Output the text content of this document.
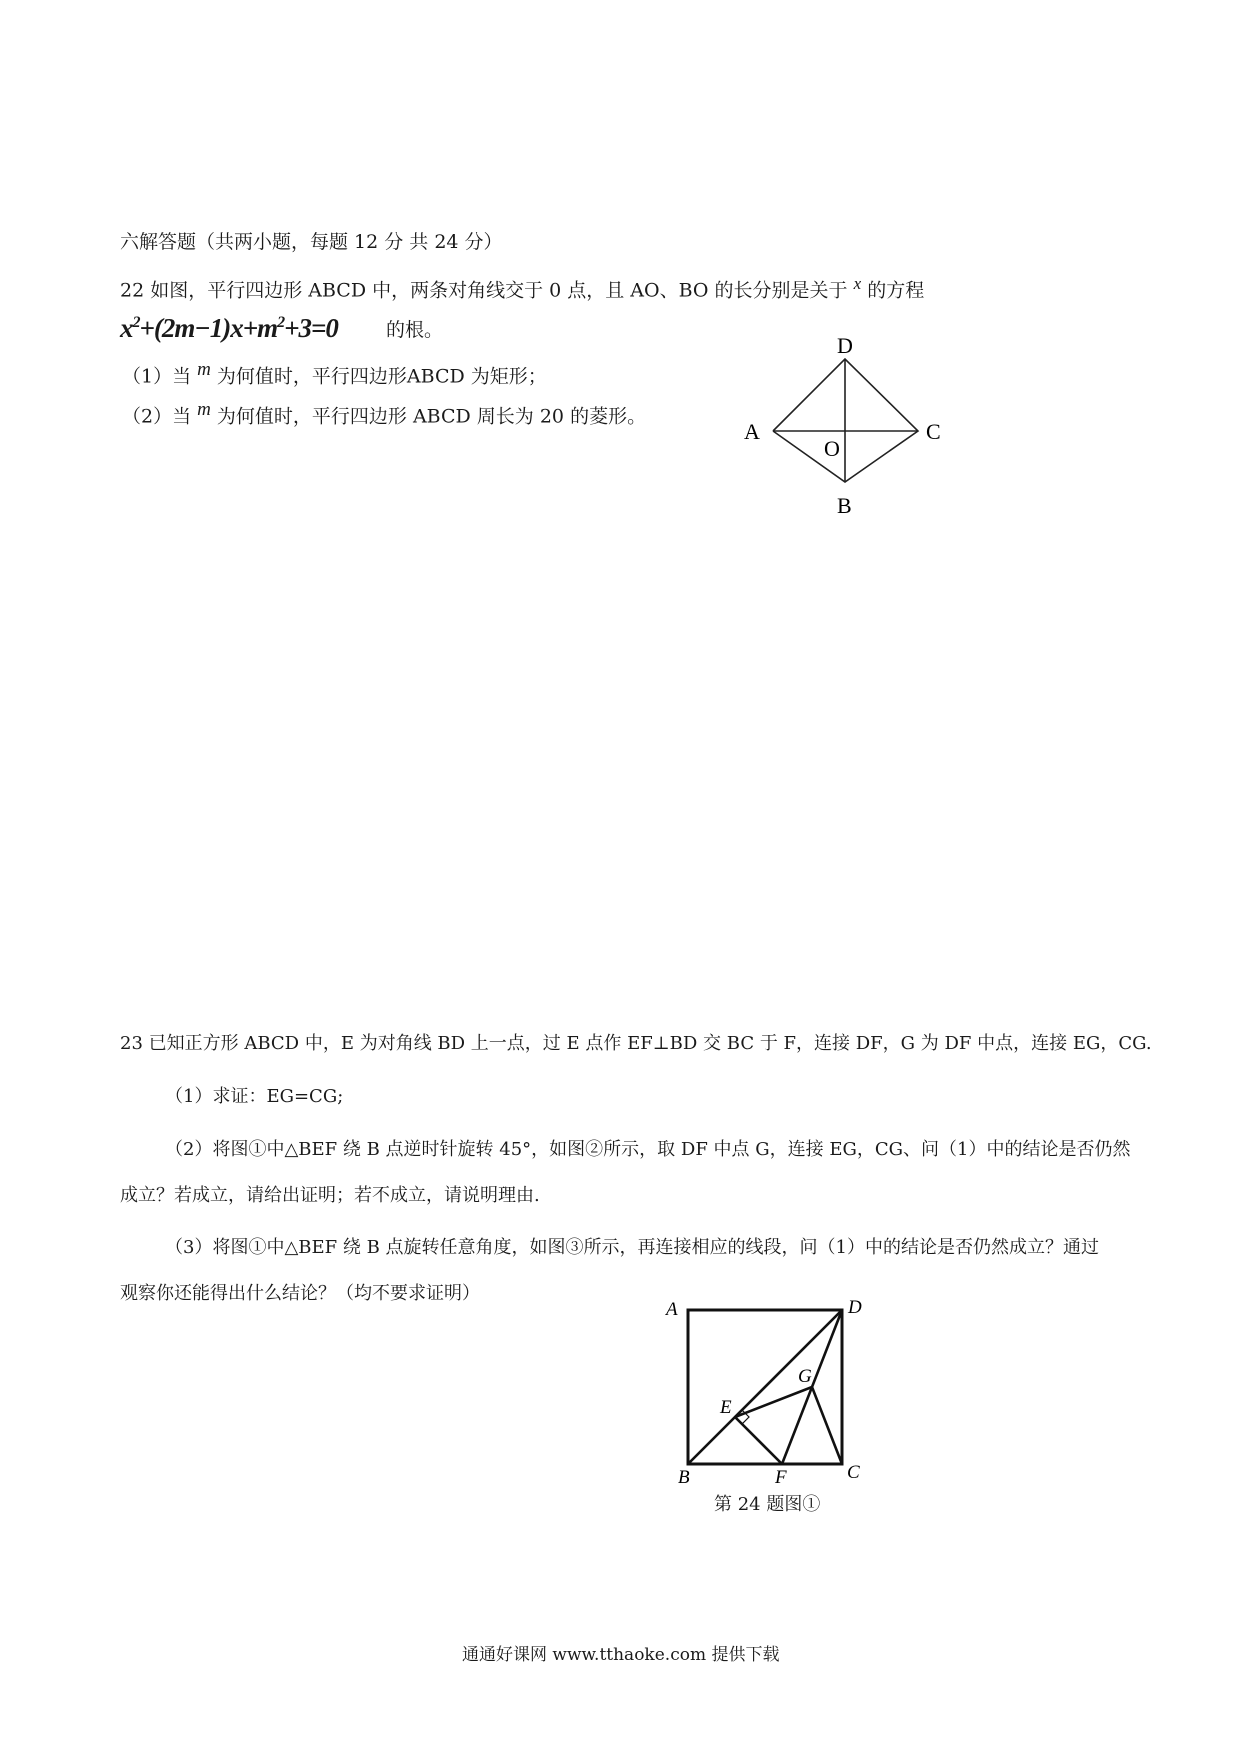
六解答题（共两小题，每题 12 分 共 24 分）
22 如图，平行四边形 ABCD 中，两条对角线交于 0 点，且 AO、BO 的长分别是关于 $^x$ 的方程
$x^2+(2m-1)x+m^2+3=0$	的根。
（1）当 $^m$ 为何值时，平行四边形ABCD 为矩形；
（2）当 $^m$ 为何值时，平行四边形 ABCD 周长为 20 的菱形。
D
A	C
O
B
23 已知正方形 ABCD 中，E 为对角线 BD 上一点，过 E 点作 EF⊥BD 交 BC 于 F，连接 DF，G 为 DF 中点，连接 EG，CG.
（1）求证：EG=CG;
（2）将图①中△BEF 绕 B 点逆时针旋转 45°，如图②所示，取 DF 中点 G，连接 EG，CG、问（1）中的结论是否仍然
成立？若成立，请给出证明；若不成立，请说明理由.
（3）将图①中△BEF 绕 B 点旋转任意角度，如图③所示，再连接相应的线段，问（1）中的结论是否仍然成立？通过
观察你还能得出什么结论？（均不要求证明）
A	D
G
E
B	F	C
第 24 题图①
通通好课网 www.tthaoke.com 提供下载
